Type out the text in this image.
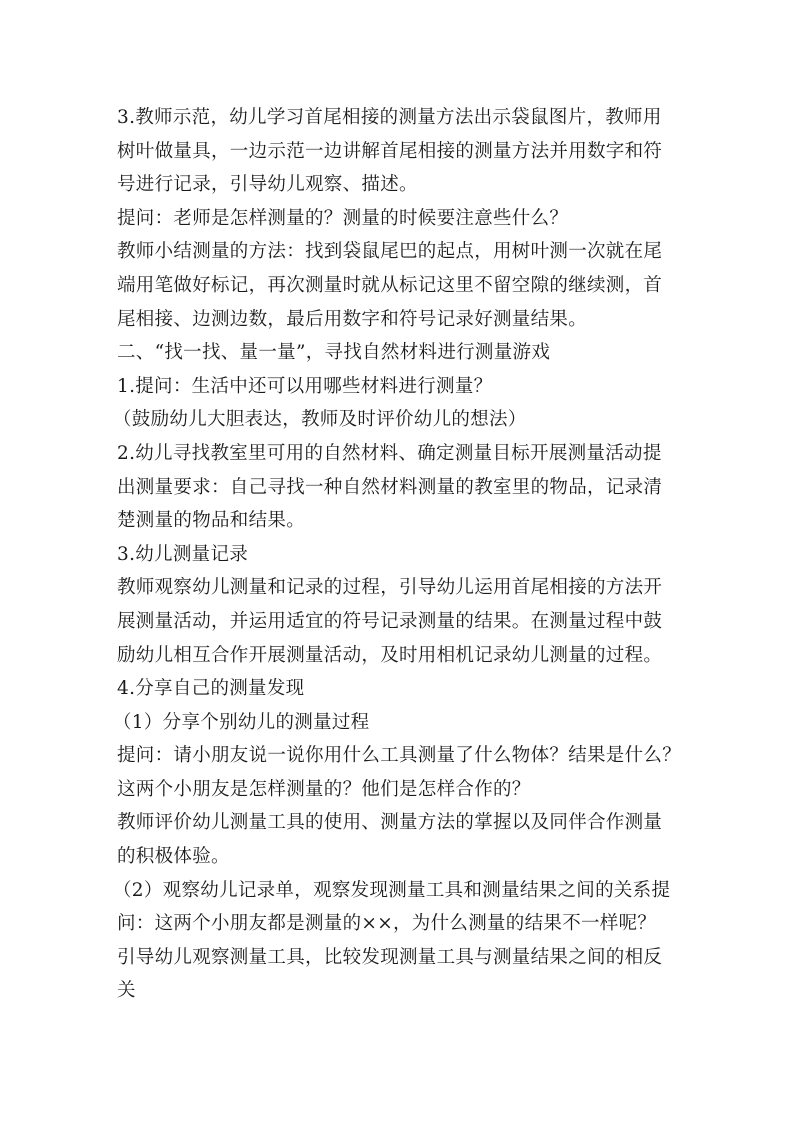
3.教师示范，幼儿学习首尾相接的测量方法出示袋鼠图片，教师用
树叶做量具，一边示范一边讲解首尾相接的测量方法并用数字和符
号进行记录，引导幼儿观察、描述。
提问：老师是怎样测量的？测量的时候要注意些什么？
教师小结测量的方法：找到袋鼠尾巴的起点，用树叶测一次就在尾
端用笔做好标记，再次测量时就从标记这里不留空隙的继续测，首
尾相接、边测边数，最后用数字和符号记录好测量结果。
二、“找一找、量一量”，寻找自然材料进行测量游戏
1.提问：生活中还可以用哪些材料进行测量？
（鼓励幼儿大胆表达，教师及时评价幼儿的想法）
2.幼儿寻找教室里可用的自然材料、确定测量目标开展测量活动提
出测量要求：自己寻找一种自然材料测量的教室里的物品，记录清
楚测量的物品和结果。
3.幼儿测量记录
教师观察幼儿测量和记录的过程，引导幼儿运用首尾相接的方法开
展测量活动，并运用适宜的符号记录测量的结果。在测量过程中鼓
励幼儿相互合作开展测量活动，及时用相机记录幼儿测量的过程。
4.分享自己的测量发现
（1）分享个别幼儿的测量过程
提问：请小朋友说一说你用什么工具测量了什么物体？结果是什么？
这两个小朋友是怎样测量的？他们是怎样合作的？
教师评价幼儿测量工具的使用、测量方法的掌握以及同伴合作测量
的积极体验。
（2）观察幼儿记录单，观察发现测量工具和测量结果之间的关系提
问：这两个小朋友都是测量的××，为什么测量的结果不一样呢？
引导幼儿观察测量工具，比较发现测量工具与测量结果之间的相反
关
